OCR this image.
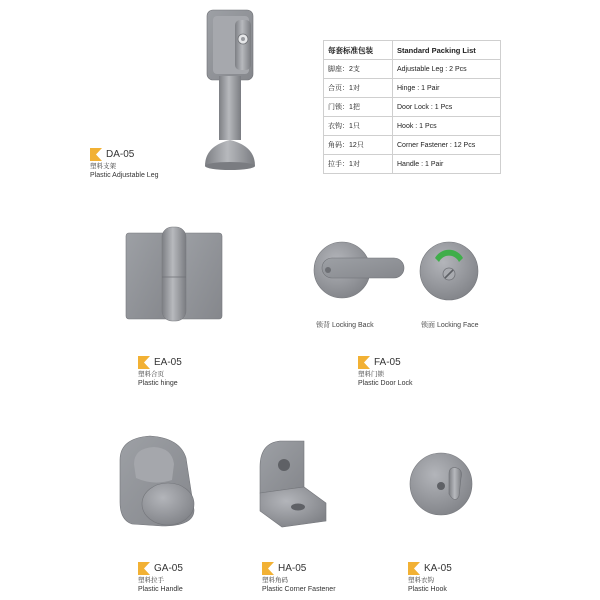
每套标准包装	Standard Packing List
脚座：2支	Adjustable Leg : 2 Pcs
合页：1对	Hinge : 1 Pair
门锁：1把	Door Lock : 1 Pcs
衣钩：1只	Hook : 1 Pcs
角码：12只	Corner Fastener : 12 Pcs
拉手：1对	Handle : 1 Pair
DA-05
塑料支架
Plastic Adjustable Leg
EA-05
塑料合页
Plastic hinge
锁背 Locking Back	锁面 Locking Face
FA-05
塑料门锁
Plastic Door Lock
GA-05
塑料拉手
Plastic Handle
HA-05
塑料角码
Plastic Corner Fastener
KA-05
塑料衣钩
Plastic Hook
